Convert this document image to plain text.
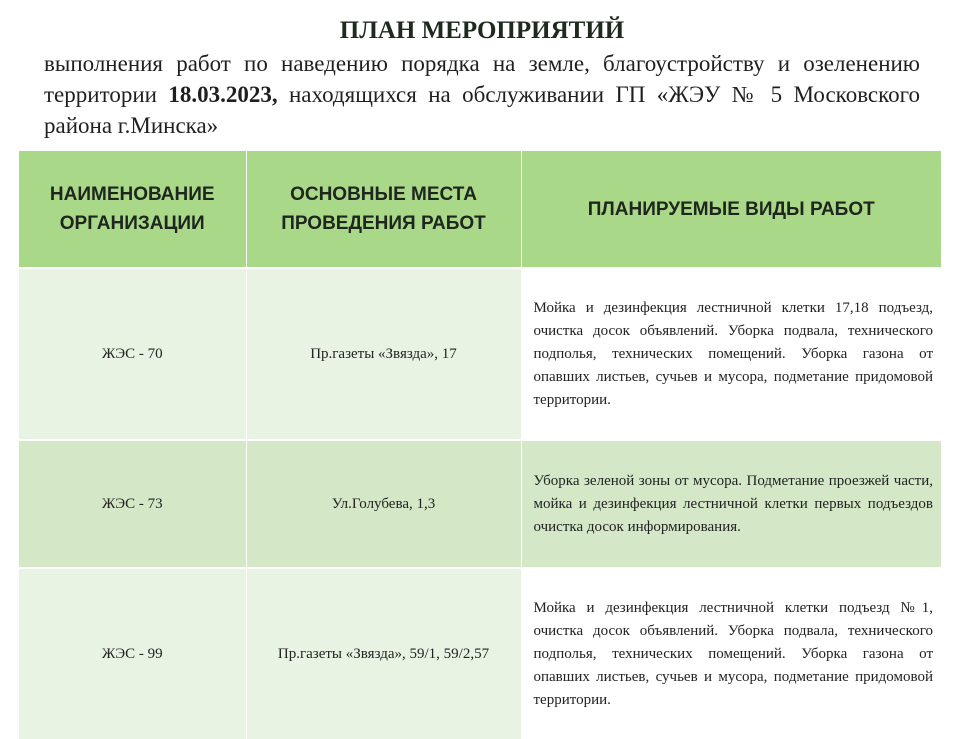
ПЛАН МЕРОПРИЯТИЙ
выполнения работ по наведению порядка на земле, благоустройству и озеленению территории 18.03.2023, находящихся на обслуживании ГП «ЖЭУ № 5 Московского района г.Минска»
НАИМЕНОВАНИЕ ОРГАНИЗАЦИИ	ОСНОВНЫЕ МЕСТА ПРОВЕДЕНИЯ РАБОТ	ПЛАНИРУЕМЫЕ ВИДЫ РАБОТ
ЖЭС - 70	Пр.газеты «Звязда», 17	Мойка и дезинфекция лестничной клетки 17,18 подъезд, очистка досок объявлений. Уборка подвала, технического подполья, технических помещений. Уборка газона от опавших листьев, сучьев и мусора, подметание придомовой территории.
ЖЭС - 73	Ул.Голубева, 1,3	Уборка зеленой зоны от мусора. Подметание проезжей части, мойка и дезинфекция лестничной клетки первых подъездов очистка досок информирования.
ЖЭС - 99	Пр.газеты «Звязда», 59/1, 59/2,57	Мойка и дезинфекция лестничной клетки подъезд №1, очистка досок объявлений. Уборка подвала, технического подполья, технических помещений. Уборка газона от опавших листьев, сучьев и мусора, подметание придомовой территории.
